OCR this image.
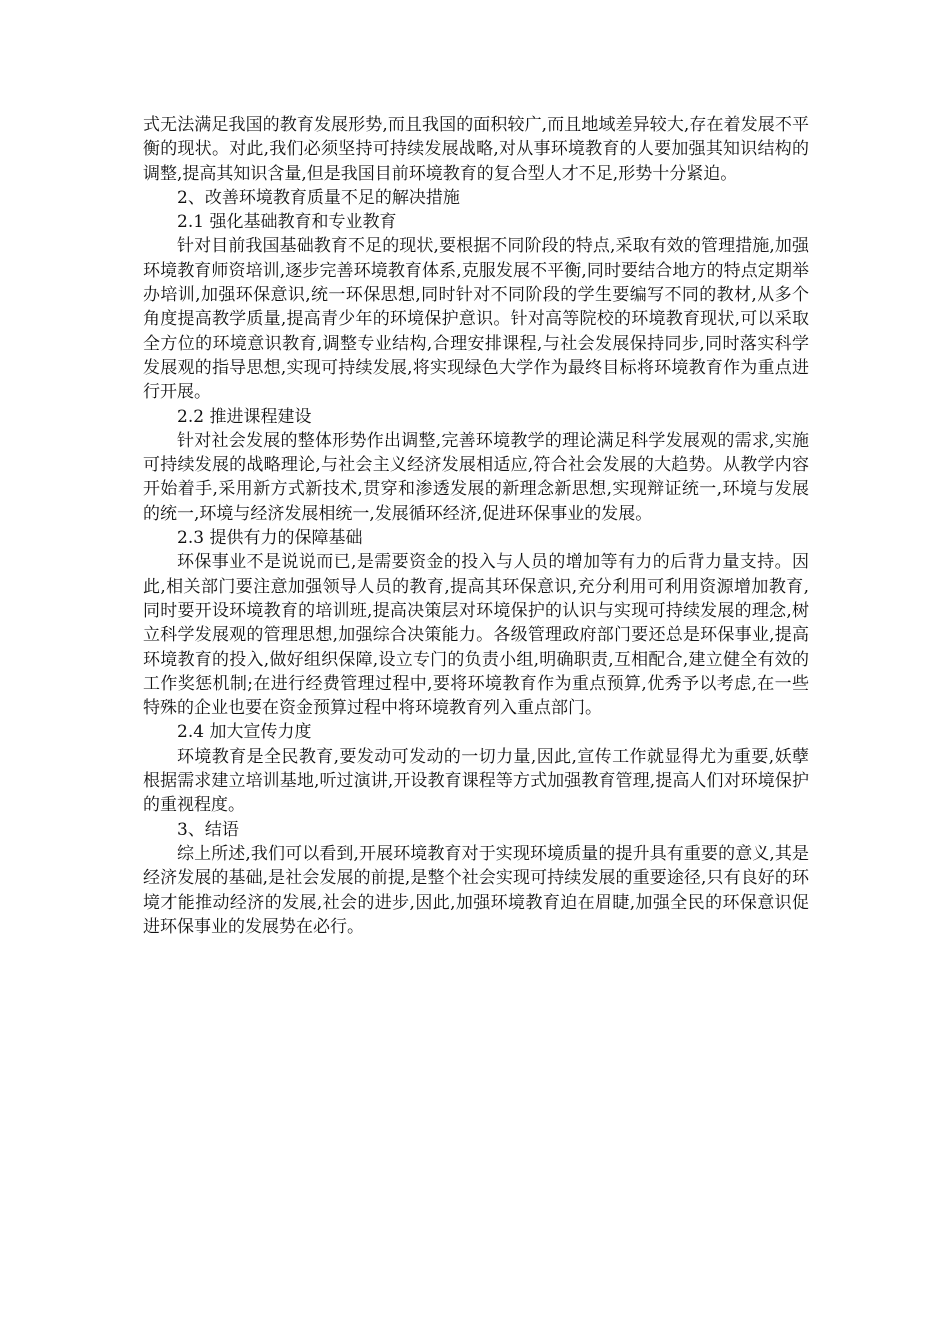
式无法满足我国的教育发展形势,而且我国的面积较广,而且地域差异较大,存在着发展不平衡的现状。对此,我们必须坚持可持续发展战略,对从事环境教育的人要加强其知识结构的调整,提高其知识含量,但是我国目前环境教育的复合型人才不足,形势十分紧迫。

2、改善环境教育质量不足的解决措施

2.1 强化基础教育和专业教育

针对目前我国基础教育不足的现状,要根据不同阶段的特点,采取有效的管理措施,加强环境教育师资培训,逐步完善环境教育体系,克服发展不平衡,同时要结合地方的特点定期举办培训,加强环保意识,统一环保思想,同时针对不同阶段的学生要编写不同的教材,从多个角度提高教学质量,提高青少年的环境保护意识。针对高等院校的环境教育现状,可以采取全方位的环境意识教育,调整专业结构,合理安排课程,与社会发展保持同步,同时落实科学发展观的指导思想,实现可持续发展,将实现绿色大学作为最终目标将环境教育作为重点进行开展。

2.2 推进课程建设

针对社会发展的整体形势作出调整,完善环境教学的理论满足科学发展观的需求,实施可持续发展的战略理论,与社会主义经济发展相适应,符合社会发展的大趋势。从教学内容开始着手,采用新方式新技术,贯穿和渗透发展的新理念新思想,实现辩证统一,环境与发展的统一,环境与经济发展相统一,发展循环经济,促进环保事业的发展。

2.3 提供有力的保障基础

环保事业不是说说而已,是需要资金的投入与人员的增加等有力的后背力量支持。因此,相关部门要注意加强领导人员的教育,提高其环保意识,充分利用可利用资源增加教育,同时要开设环境教育的培训班,提高决策层对环境保护的认识与实现可持续发展的理念,树立科学发展观的管理思想,加强综合决策能力。各级管理政府部门要还总是环保事业,提高环境教育的投入,做好组织保障,设立专门的负责小组,明确职责,互相配合,建立健全有效的工作奖惩机制;在进行经费管理过程中,要将环境教育作为重点预算,优秀予以考虑,在一些特殊的企业也要在资金预算过程中将环境教育列入重点部门。

2.4 加大宣传力度

环境教育是全民教育,要发动可发动的一切力量,因此,宣传工作就显得尤为重要,妖孽根据需求建立培训基地,听过演讲,开设教育课程等方式加强教育管理,提高人们对环境保护的重视程度。

3、结语

综上所述,我们可以看到,开展环境教育对于实现环境质量的提升具有重要的意义,其是经济发展的基础,是社会发展的前提,是整个社会实现可持续发展的重要途径,只有良好的环境才能推动经济的发展,社会的进步,因此,加强环境教育迫在眉睫,加强全民的环保意识促进环保事业的发展势在必行。
